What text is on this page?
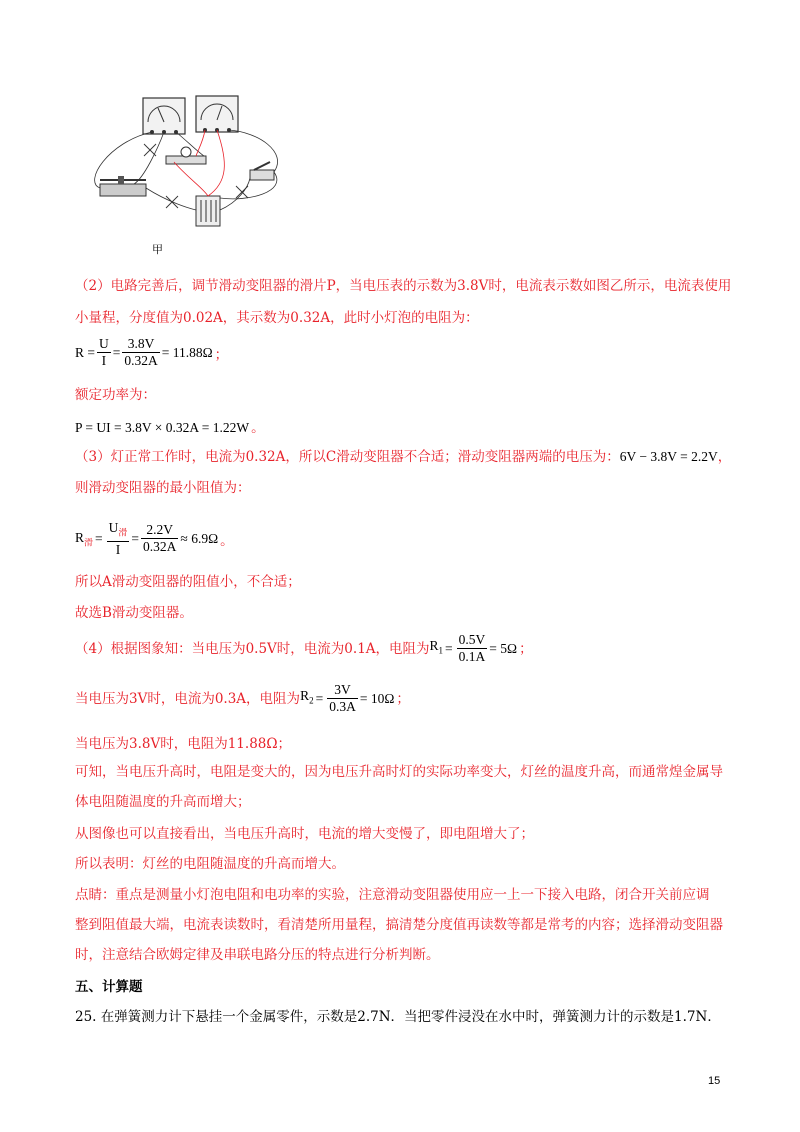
甲
（2）电路完善后，调节滑动变阻器的滑片P，当电压表的示数为3.8V时，电流表示数如图乙所示，电流表使用
小量程，分度值为0.02A，其示数为0.32A，此时小灯泡的电阻为：
$R = \frac{U}{I} = \frac{3.8V}{0.32A} = 11.88\Omega$ ；
额定功率为：
P = UI = 3.8V × 0.32A = 1.22W 。
（3）灯正常工作时，电流为0.32A，所以C滑动变阻器不合适；滑动变阻器两端的电压为：6V − 3.8V = 2.2V，
则滑动变阻器的最小阻值为：
$R_滑 = \frac{U_滑}{I} = \frac{2.2V}{0.32A} \approx 6.9\Omega$ 。
所以A滑动变阻器的阻值小，不合适；
故选B滑动变阻器。
（4）根据图象知：当电压为0.5V时，电流为0.1A，电阻为 $R_1 = \frac{0.5V}{0.1A} = 5\Omega$ ；
当电压为3V时，电流为0.3A，电阻为 $R_2 = \frac{3V}{0.3A} = 10\Omega$ ；
当电压为3.8V时，电阻为11.88Ω；
可知，当电压升高时，电阻是变大的，因为电压升高时灯的实际功率变大，灯丝的温度升高，而通常煌金属导
体电阻随温度的升高而增大；
从图像也可以直接看出，当电压升高时，电流的增大变慢了，即电阻增大了；
所以表明：灯丝的电阻随温度的升高而增大。
点睛：重点是测量小灯泡电阻和电功率的实验，注意滑动变阻器使用应一上一下接入电路，闭合开关前应调
整到阻值最大端，电流表读数时，看清楚所用量程，搞清楚分度值再读数等都是常考的内容；选择滑动变阻器
时，注意结合欧姆定律及串联电路分压的特点进行分析判断。
五、计算题
25. 在弹簧测力计下悬挂一个金属零件，示数是2.7N．当把零件浸没在水中时，弹簧测力计的示数是1.7N．
15
